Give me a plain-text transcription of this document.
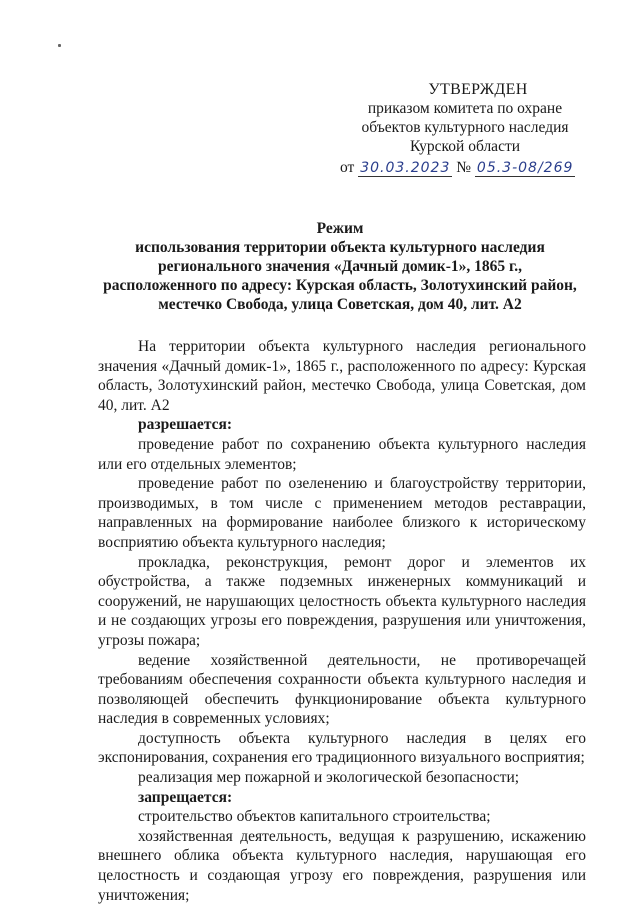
УТВЕРЖДЕН
приказом комитета по охране
объектов культурного наследия
Курской области
от 30.03.2023 № 05.3-08/269
Режим
использования территории объекта культурного наследия
регионального значения «Дачный домик-1», 1865 г.,
расположенного по адресу: Курская область, Золотухинский район,
местечко Свобода, улица Советская, дом 40, лит. А2

На территории объекта культурного наследия регионального значения «Дачный домик-1», 1865 г., расположенного по адресу: Курская область, Золотухинский район, местечко Свобода, улица Советская, дом 40, лит. А2

разрешается:

проведение работ по сохранению объекта культурного наследия или его отдельных элементов;

проведение работ по озеленению и благоустройству территории, производимых, в том числе с применением методов реставрации, направленных на формирование наиболее близкого к историческому восприятию объекта культурного наследия;

прокладка, реконструкция, ремонт дорог и элементов их обустройства, а также подземных инженерных коммуникаций и сооружений, не нарушающих целостность объекта культурного наследия и не создающих угрозы его повреждения, разрушения или уничтожения, угрозы пожара;

ведение хозяйственной деятельности, не противоречащей требованиям обеспечения сохранности объекта культурного наследия и позволяющей обеспечить функционирование объекта культурного наследия в современных условиях;

доступность объекта культурного наследия в целях его экспонирования, сохранения его традиционного визуального восприятия;

реализация мер пожарной и экологической безопасности;

запрещается:

строительство объектов капитального строительства;

хозяйственная деятельность, ведущая к разрушению, искажению внешнего облика объекта культурного наследия, нарушающая его целостность и создающая угрозу его повреждения, разрушения или уничтожения;
